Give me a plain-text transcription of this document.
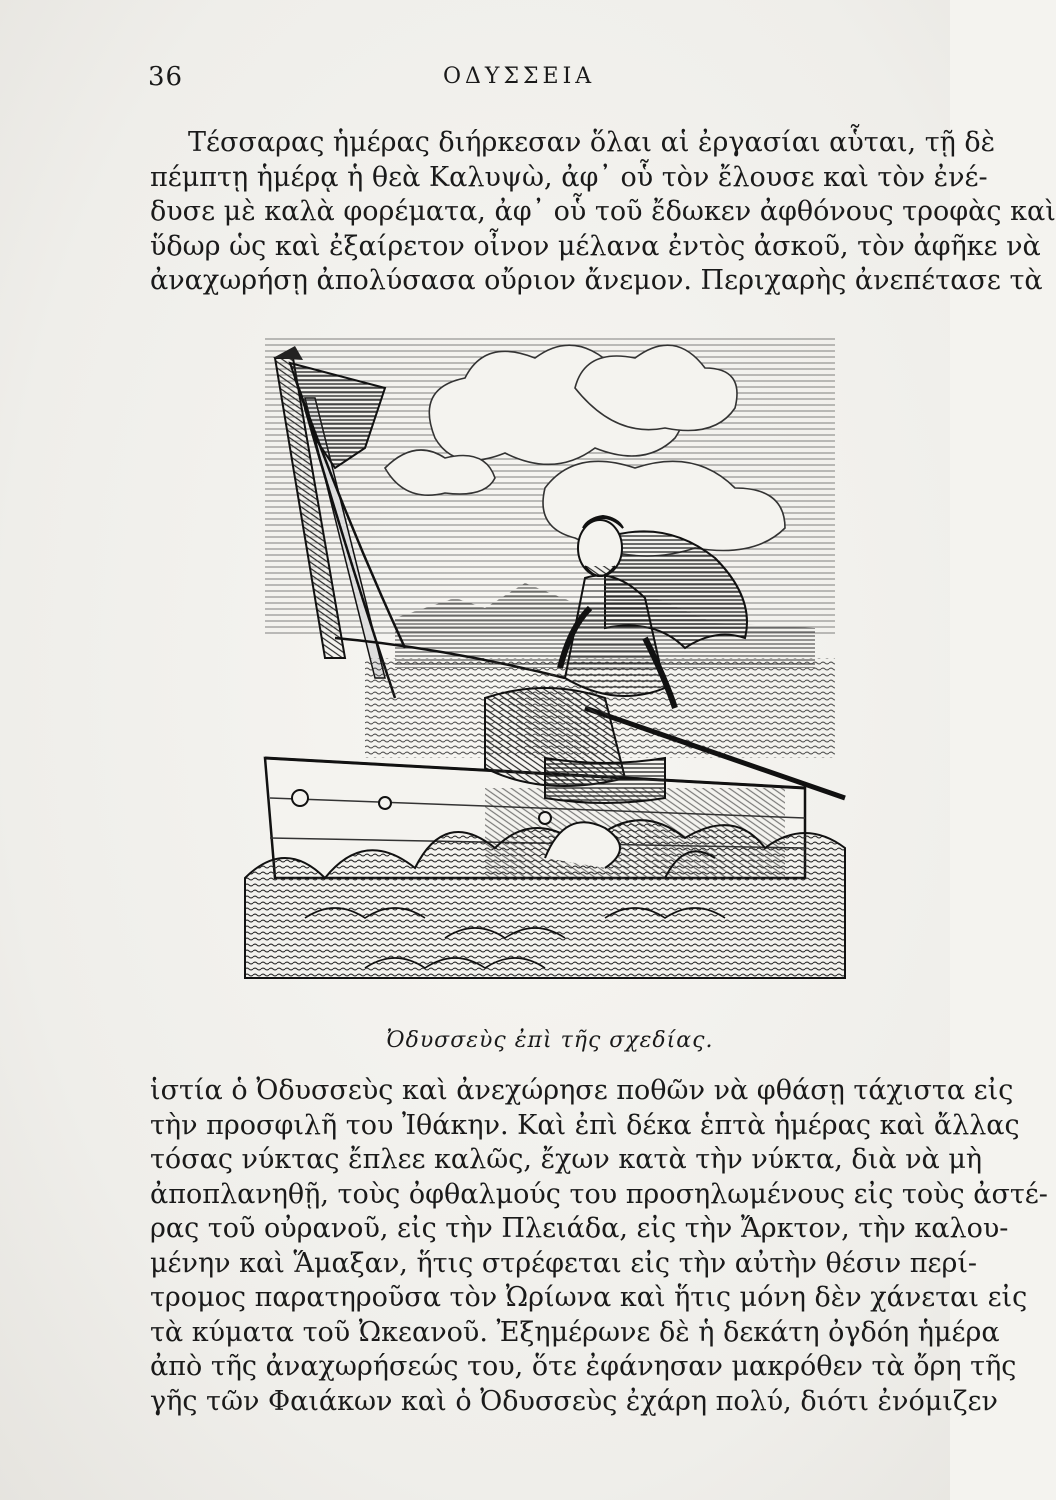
36	ΟΔΥΣΣΕΙΑ
Τέσσαρας ἡμέρας διήρκεσαν ὅλαι αἱ ἐργασίαι αὗται, τῇ δὲ
πέμπτῃ ἡμέρᾳ ἡ θεὰ Καλυψὼ, ἀφ᾽ οὗ τὸν ἔλουσε καὶ τὸν ἐνέ-
δυσε μὲ καλὰ φορέματα, ἀφ᾽ οὗ τοῦ ἔδωκεν ἀφθόνους τροφὰς καὶ
ὕδωρ ὡς καὶ ἐξαίρετον οἶνον μέλανα ἐντὸς ἀσκοῦ, τὸν ἀφῆκε νὰ
ἀναχωρήσῃ ἀπολύσασα οὔριον ἄνεμον. Περιχαρὴς ἀνεπέτασε τὰ
Ὀδυσσεὺς ἐπὶ τῆς σχεδίας.
ἱστία ὁ Ὀδυσσεὺς καὶ ἀνεχώρησε ποθῶν νὰ φθάσῃ τάχιστα εἰς
τὴν προσφιλῆ του Ἰθάκην. Καὶ ἐπὶ δέκα ἑπτὰ ἡμέρας καὶ ἄλλας
τόσας νύκτας ἔπλεε καλῶς, ἔχων κατὰ τὴν νύκτα, διὰ νὰ μὴ
ἀποπλανηθῇ, τοὺς ὀφθαλμούς του προσηλωμένους εἰς τοὺς ἀστέ-
ρας τοῦ οὐρανοῦ, εἰς τὴν Πλειάδα, εἰς τὴν Ἄρκτον, τὴν καλου-
μένην καὶ Ἅμαξαν, ἥτις στρέφεται εἰς τὴν αὐτὴν θέσιν περί-
τρομος παρατηροῦσα τὸν Ὠρίωνα καὶ ἥτις μόνη δὲν χάνεται εἰς
τὰ κύματα τοῦ Ὠκεανοῦ. Ἐξημέρωνε δὲ ἡ δεκάτη ὀγδόη ἡμέρα
ἀπὸ τῆς ἀναχωρήσεώς του, ὅτε ἐφάνησαν μακρόθεν τὰ ὄρη τῆς
γῆς τῶν Φαιάκων καὶ ὁ Ὀδυσσεὺς ἐχάρη πολύ, διότι ἐνόμιζεν
